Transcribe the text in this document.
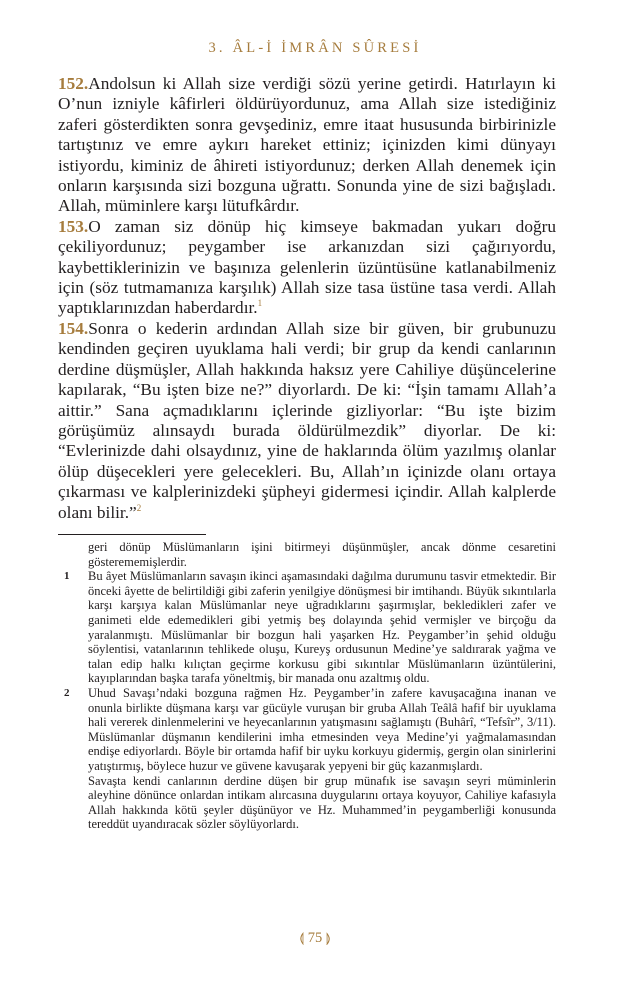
3. ÂL-İ İMRÂN SÛRESİ

152.Andolsun ki Allah size verdiği sözü yerine getirdi. Hatırlayın ki O’nun izniyle kâfirleri öldürüyordunuz, ama Allah size istediğiniz zaferi gösterdikten sonra gevşediniz, emre itaat hususunda birbirinizle tartıştınız ve emre aykırı hareket ettiniz; içinizden kimi dünyayı istiyordu, kiminiz de âhireti istiyordunuz; derken Allah denemek için onların karşısında sizi bozguna uğrattı. Sonunda yine de sizi bağışladı. Allah, müminlere karşı lütufkârdır.

153.O zaman siz dönüp hiç kimseye bakmadan yukarı doğru çekiliyordunuz; peygamber ise arkanızdan sizi çağırıyordu, kaybettiklerinizin ve başınıza gelenlerin üzüntüsüne katlanabilmeniz için (söz tutmamanıza karşılık) Allah size tasa üstüne tasa verdi. Allah yaptıklarınızdan haberdardır.$^1$

154.Sonra o kederin ardından Allah size bir güven, bir grubunuzu kendinden geçiren uyuklama hali verdi; bir grup da kendi canlarının derdine düşmüşler, Allah hakkında haksız yere Cahiliye düşüncelerine kapılarak, “Bu işten bize ne?” diyorlardı. De ki: “İşin tamamı Allah’a aittir.” Sana açmadıklarını içlerinde gizliyorlar: “Bu işte bizim görüşümüz alınsaydı burada öldürülmezdik” diyorlar. De ki: “Evlerinizde dahi olsaydınız, yine de haklarında ölüm yazılmış olanlar ölüp düşecekleri yere gelecekleri. Bu, Allah’ın içinizde olanı ortaya çıkarması ve kalplerinizdeki şüpheyi gidermesi içindir. Allah kalplerde olanı bilir.”$^2$

geri dönüp Müslümanların işini bitirmeyi düşünmüşler, ancak dönme cesaretini gösterememişlerdir.

1 Bu âyet Müslümanların savaşın ikinci aşamasındaki dağılma durumunu tasvir etmektedir. Bir önceki âyette de belirtildiği gibi zaferin yenilgiye dönüşmesi bir imtihandı. Büyük sıkıntılarla karşı karşıya kalan Müslümanlar neye uğradıklarını şaşırmışlar, bekledikleri zafer ve ganimeti elde edemedikleri gibi yetmiş beş dolayında şehid vermişler ve birçoğu da yaralanmıştı. Müslümanlar bir bozgun hali yaşarken Hz. Peygamber’in şehid olduğu söylentisi, vatanlarının tehlikede oluşu, Kureyş ordusunun Medine’ye saldırarak yağma ve talan edip halkı kılıçtan geçirme korkusu gibi sıkıntılar Müslümanların üzüntülerini, kayıplarından başka tarafa yöneltmiş, bir manada onu azaltmış oldu.

2 Uhud Savaşı’ndaki bozguna rağmen Hz. Peygamber’in zafere kavuşacağına inanan ve onunla birlikte düşmana karşı var gücüyle vuruşan bir gruba Allah Teâlâ hafif bir uyuklama hali vererek dinlenmelerini ve heyecanlarının yatışmasını sağlamıştı (Buhârî, “Tefsîr”, 3/11). Müslümanlar düşmanın kendilerini imha etmesinden veya Medine’yi yağmalamasından endişe ediyorlardı. Böyle bir ortamda hafif bir uyku korkuyu gidermiş, gergin olan sinirlerini yatıştırmış, böylece huzur ve güvene kavuşarak yepyeni bir güç kazanmışlardı.

Savaşta kendi canlarının derdine düşen bir grup münafık ise savaşın seyri müminlerin aleyhine dönünce onlardan intikam alırcasına duygularını ortaya koyuyor, Cahiliye kafasıyla Allah hakkında kötü şeyler düşünüyor ve Hz. Muhammed’in peygamberliği konusunda tereddüt uyandıracak sözler söylüyorlardı.

⟬ 75 ⟭
